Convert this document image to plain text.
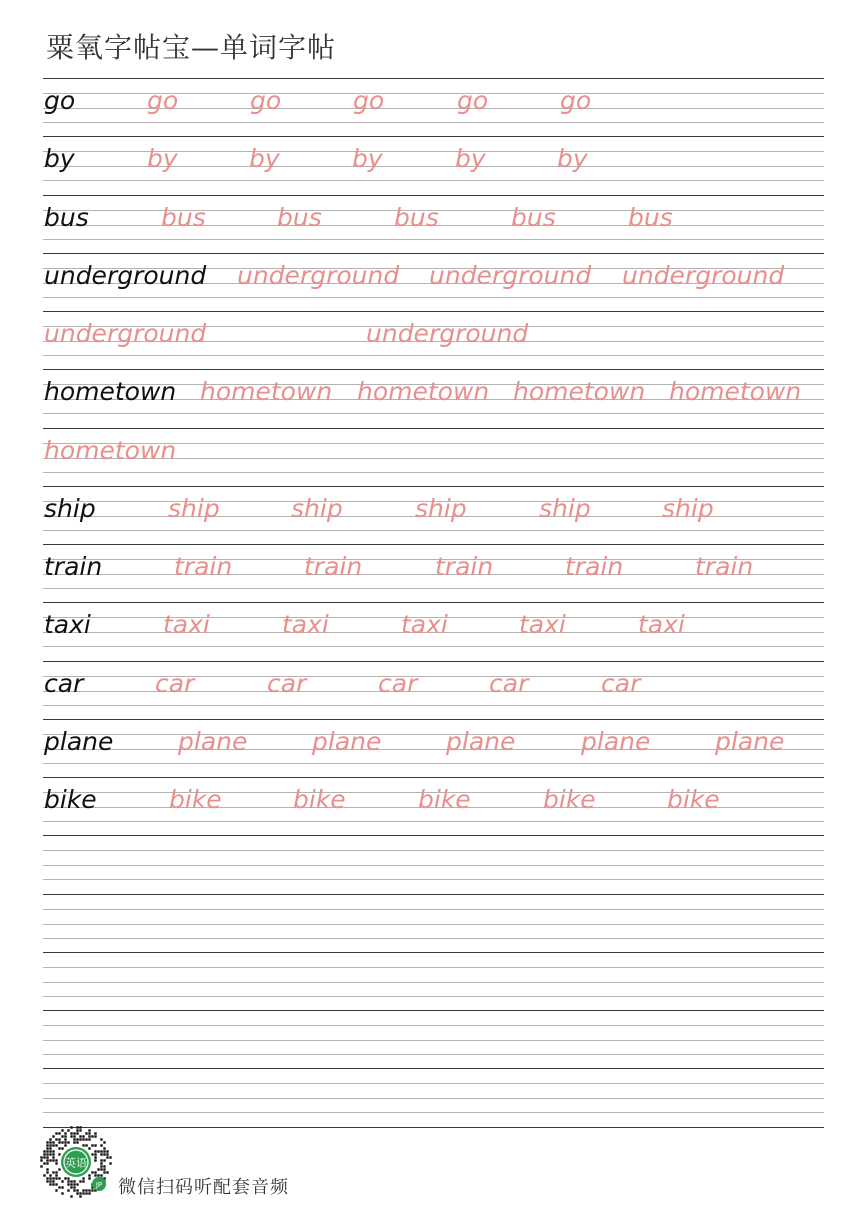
粟氧字帖宝—单词字帖
go	go	go	go	go	go
by	by	by	by	by	by
bus	bus	bus	bus	bus	bus
underground underground underground underground
underground	underground
hometown hometown hometown hometown hometown
hometown
ship	ship	ship	ship	ship	ship
train	train	train	train	train	train
taxi	taxi	taxi	taxi	taxi	taxi
car	car	car	car	car	car
plane	plane	plane	plane	plane	plane
bike	bike	bike	bike	bike	bike
英语
JP 微信扫码听配套音频
